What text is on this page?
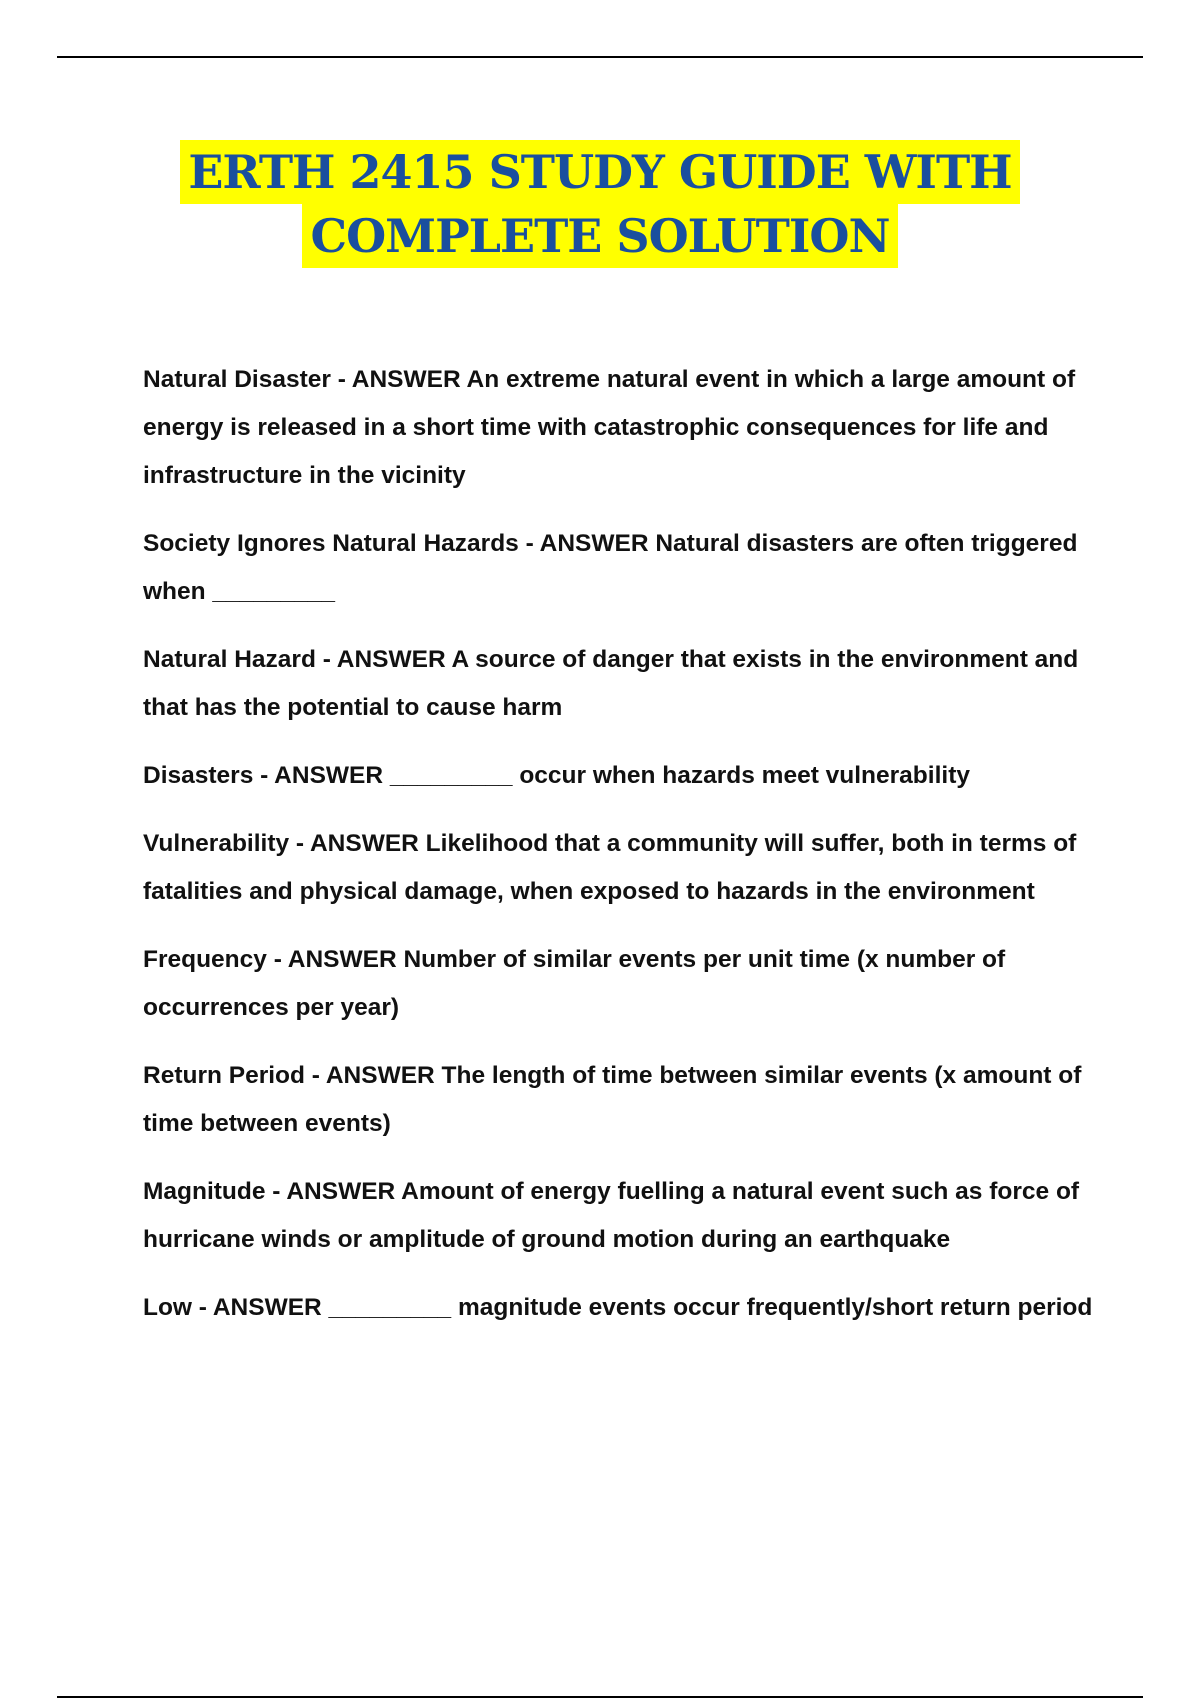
ERTH 2415 STUDY GUIDE WITH
COMPLETE SOLUTION
Natural Disaster - ANSWER An extreme natural event in which a large amount of energy is released in a short time with catastrophic consequences for life and infrastructure in the vicinity
Society Ignores Natural Hazards - ANSWER Natural disasters are often triggered when _________
Natural Hazard - ANSWER A source of danger that exists in the environment and that has the potential to cause harm
Disasters - ANSWER _________ occur when hazards meet vulnerability
Vulnerability - ANSWER Likelihood that a community will suffer, both in terms of fatalities and physical damage, when exposed to hazards in the environment
Frequency - ANSWER Number of similar events per unit time (x number of occurrences per year)
Return Period - ANSWER The length of time between similar events (x amount of time between events)
Magnitude - ANSWER Amount of energy fuelling a natural event such as force of hurricane winds or amplitude of ground motion during an earthquake
Low - ANSWER _________ magnitude events occur frequently/short return period
